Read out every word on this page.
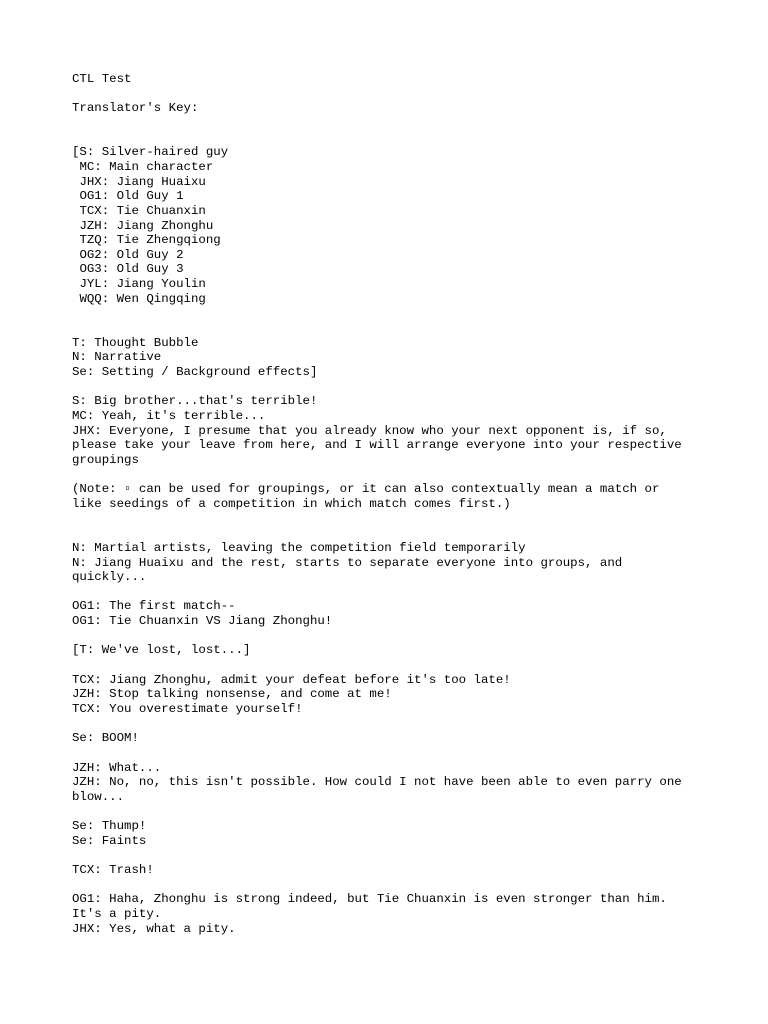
CTL Test
Translator's Key:
[S: Silver-haired guy
MC: Main character
JHX: Jiang Huaixu
OG1: Old Guy 1
TCX: Tie Chuanxin
JZH: Jiang Zhonghu
TZQ: Tie Zhengqiong
OG2: Old Guy 2
OG3: Old Guy 3
JYL: Jiang Youlin
WQQ: Wen Qingqing
T: Thought Bubble
N: Narrative
Se: Setting / Background effects]
S: Big brother...that's terrible!
MC: Yeah, it's terrible...
JHX: Everyone, I presume that you already know who your next opponent is, if so,
please take your leave from here, and I will arrange everyone into your respective
groupings
(Note: ▫ can be used for groupings, or it can also contextually mean a match or
like seedings of a competition in which match comes first.)
N: Martial artists, leaving the competition field temporarily
N: Jiang Huaixu and the rest, starts to separate everyone into groups, and
quickly...
OG1: The first match--
OG1: Tie Chuanxin VS Jiang Zhonghu!
[T: We've lost, lost...]
TCX: Jiang Zhonghu, admit your defeat before it's too late!
JZH: Stop talking nonsense, and come at me!
TCX: You overestimate yourself!
Se: BOOM!
JZH: What...
JZH: No, no, this isn't possible. How could I not have been able to even parry one
blow...
Se: Thump!
Se: Faints
TCX: Trash!
OG1: Haha, Zhonghu is strong indeed, but Tie Chuanxin is even stronger than him.
It's a pity.
JHX: Yes, what a pity.
